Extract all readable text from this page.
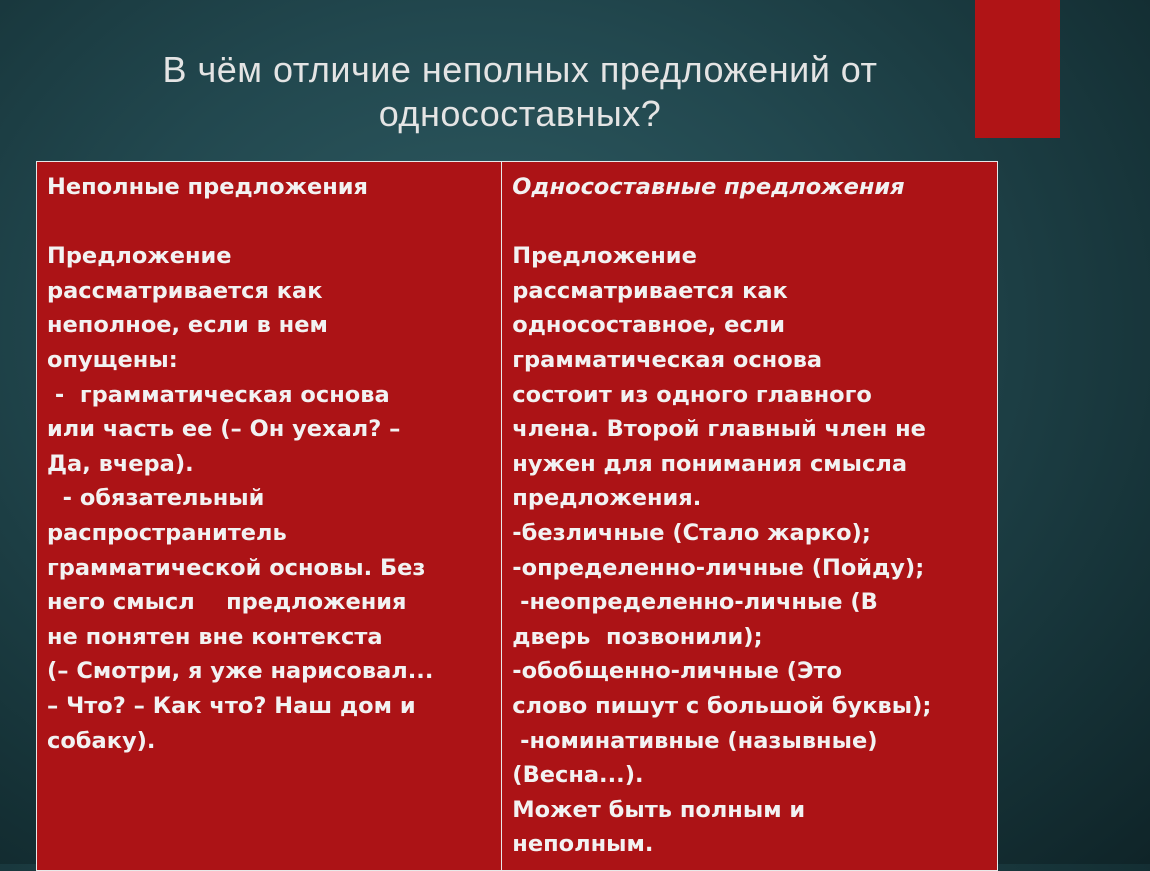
В чём отличие неполных предложений от
односоставных?
Неполные предложения
Предложение
рассматривается как
неполное, если в нем
опущены:
-  грамматическая основа
или часть ее (– Он уехал? –
Да, вчера).
- обязательный
распространитель
грамматической основы. Без
него смысл    предложения
не понятен вне контекста
(– Смотри, я уже нарисовал...
– Что? – Как что? Наш дом и
собаку).

Односоставные предложения
Предложение
рассматривается как
односоставное, если
грамматическая основа
состоит из одного главного
члена. Второй главный член не
нужен для понимания смысла
предложения.
-безличные (Стало жарко);
-определенно-личные (Пойду);
-неопределенно-личные (В
дверь  позвонили);
-обобщенно-личные (Это
слово пишут с большой буквы);
-номинативные (назывные)
(Весна...).
Может быть полным и
неполным.
